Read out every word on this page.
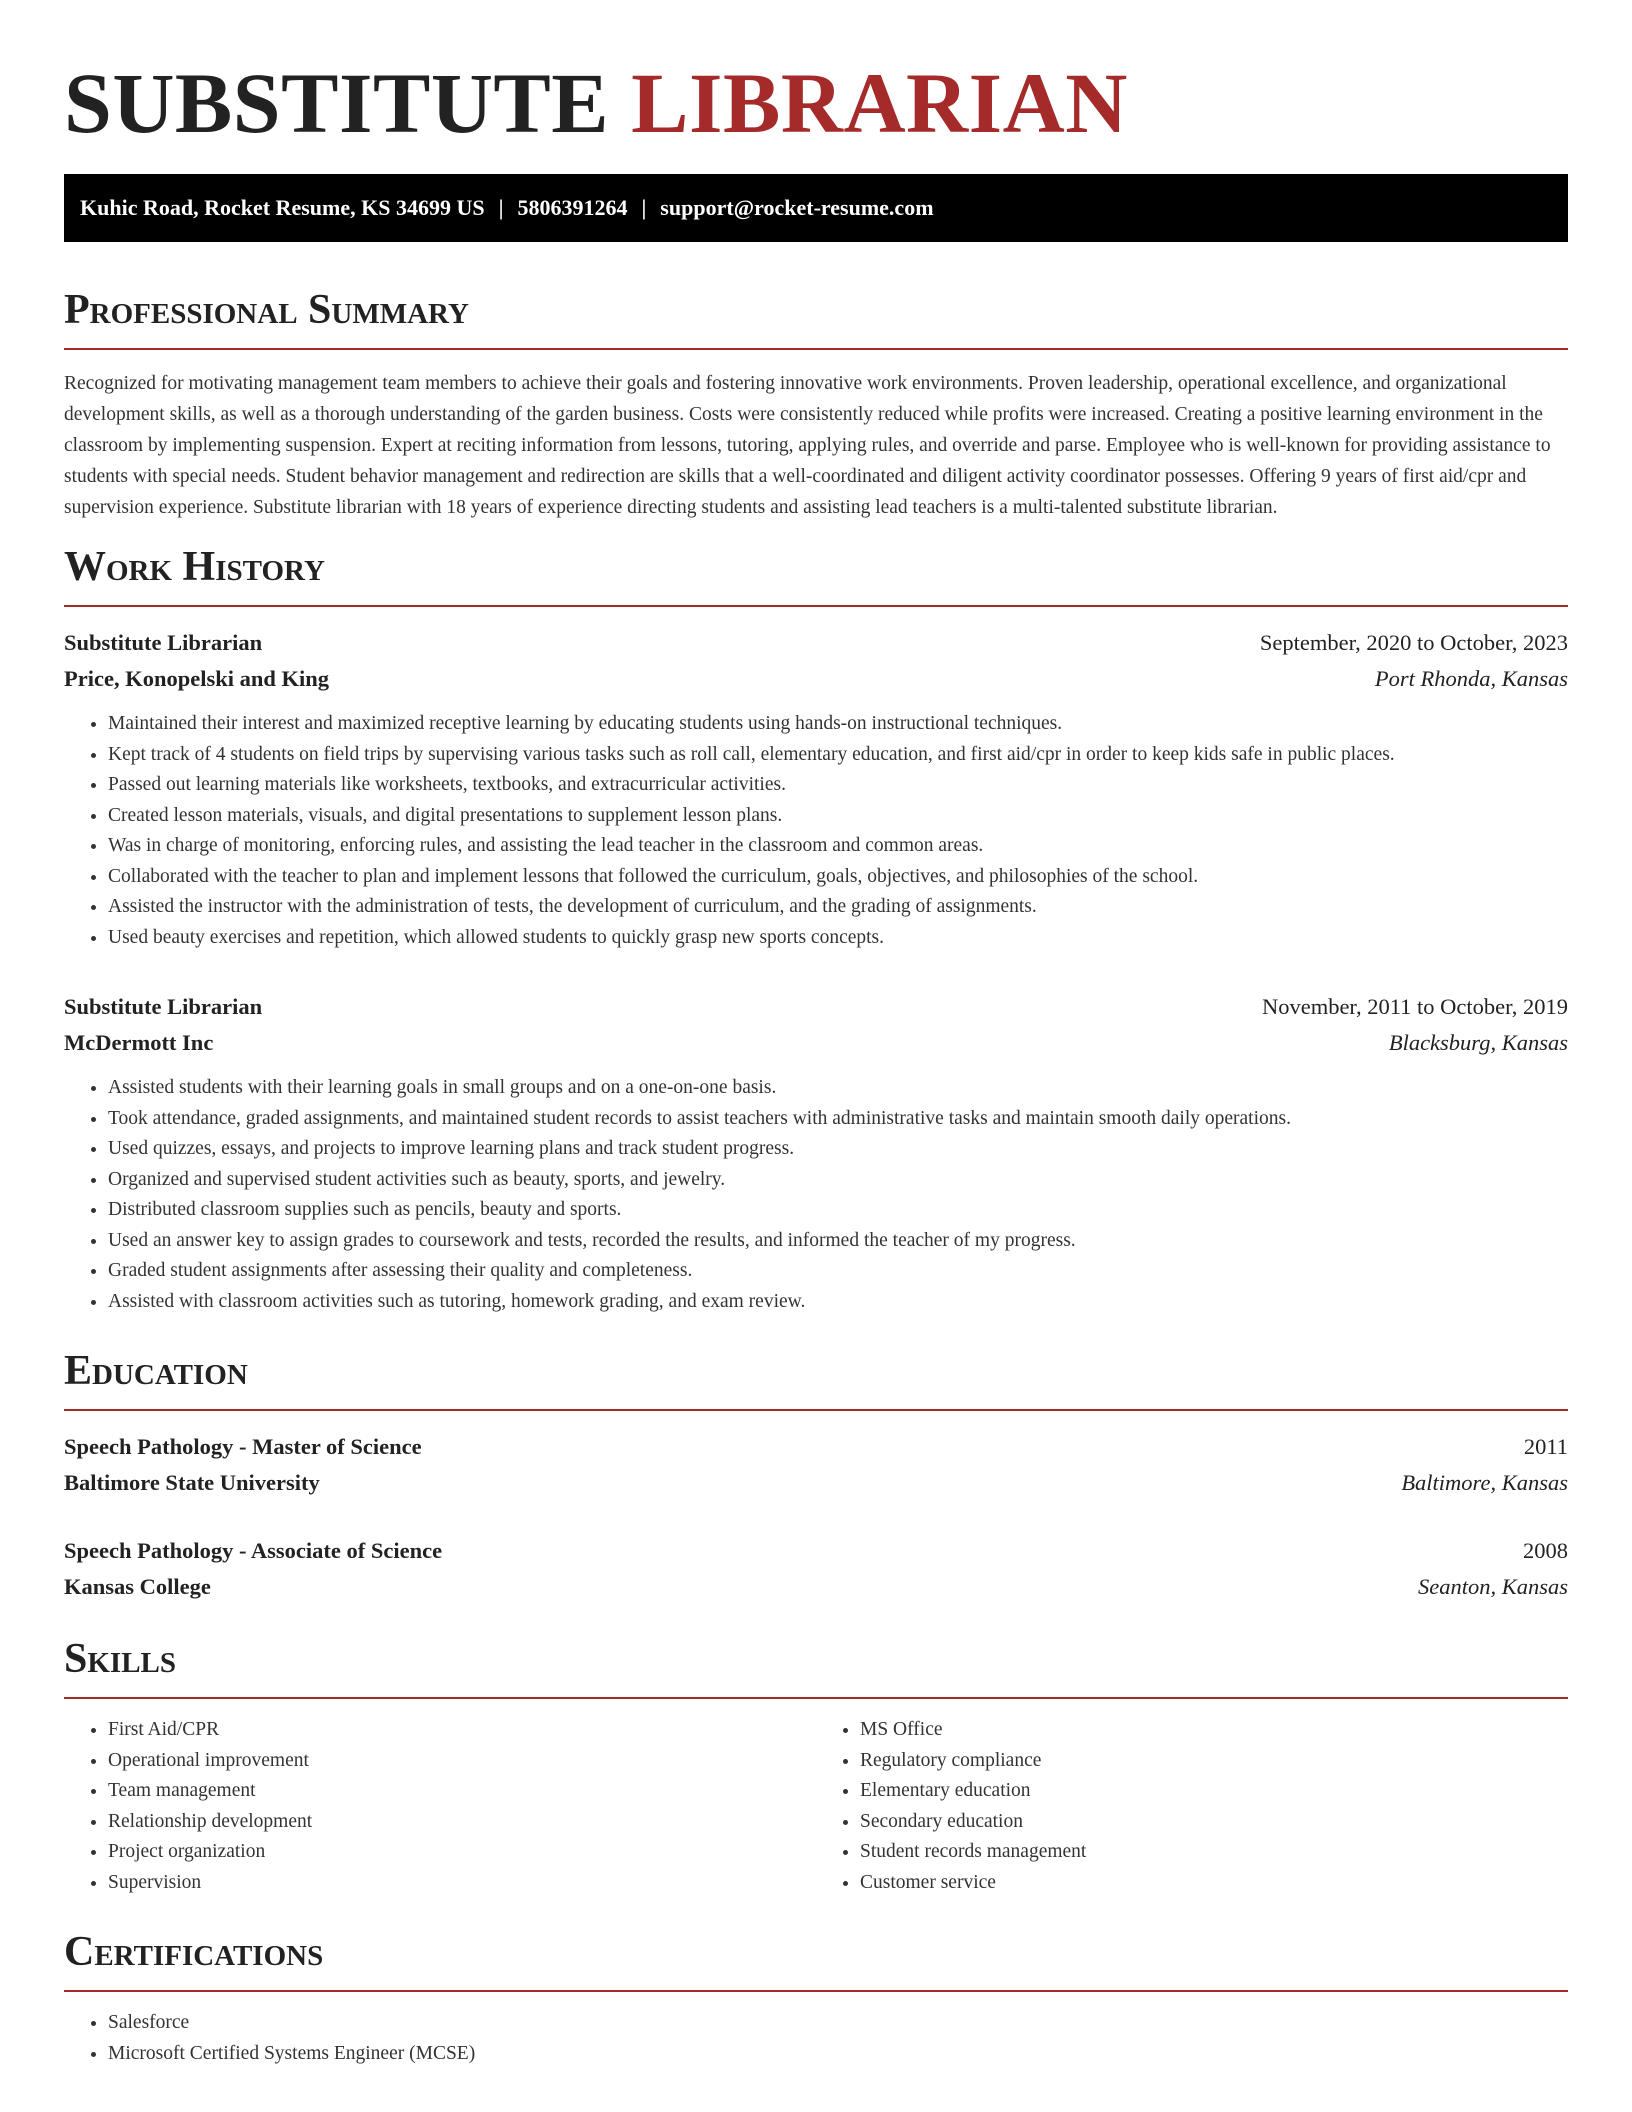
SUBSTITUTE LIBRARIAN
Kuhic Road, Rocket Resume, KS 34699 US | 5806391264 | support@rocket-resume.com
Professional Summary

Recognized for motivating management team members to achieve their goals and fostering innovative work environments. Proven leadership, operational excellence, and organizational development skills, as well as a thorough understanding of the garden business. Costs were consistently reduced while profits were increased. Creating a positive learning environment in the classroom by implementing suspension. Expert at reciting information from lessons, tutoring, applying rules, and override and parse. Employee who is well-known for providing assistance to students with special needs. Student behavior management and redirection are skills that a well-coordinated and diligent activity coordinator possesses. Offering 9 years of first aid/cpr and supervision experience. Substitute librarian with 18 years of experience directing students and assisting lead teachers is a multi-talented substitute librarian.

Work History
Substitute Librarian	September, 2020 to October, 2023
Price, Konopelski and King	Port Rhonda, Kansas
• Maintained their interest and maximized receptive learning by educating students using hands-on instructional techniques.
• Kept track of 4 students on field trips by supervising various tasks such as roll call, elementary education, and first aid/cpr in order to keep kids safe in public places.
• Passed out learning materials like worksheets, textbooks, and extracurricular activities.
• Created lesson materials, visuals, and digital presentations to supplement lesson plans.
• Was in charge of monitoring, enforcing rules, and assisting the lead teacher in the classroom and common areas.
• Collaborated with the teacher to plan and implement lessons that followed the curriculum, goals, objectives, and philosophies of the school.
• Assisted the instructor with the administration of tests, the development of curriculum, and the grading of assignments.
• Used beauty exercises and repetition, which allowed students to quickly grasp new sports concepts.
Substitute Librarian	November, 2011 to October, 2019
McDermott Inc	Blacksburg, Kansas
• Assisted students with their learning goals in small groups and on a one-on-one basis.
• Took attendance, graded assignments, and maintained student records to assist teachers with administrative tasks and maintain smooth daily operations.
• Used quizzes, essays, and projects to improve learning plans and track student progress.
• Organized and supervised student activities such as beauty, sports, and jewelry.
• Distributed classroom supplies such as pencils, beauty and sports.
• Used an answer key to assign grades to coursework and tests, recorded the results, and informed the teacher of my progress.
• Graded student assignments after assessing their quality and completeness.
• Assisted with classroom activities such as tutoring, homework grading, and exam review.
Education
Speech Pathology - Master of Science	2011
Baltimore State University	Baltimore, Kansas
Speech Pathology - Associate of Science	2008
Kansas College	Seanton, Kansas
Skills
• First Aid/CPR
• Operational improvement
• Team management
• Relationship development
• Project organization
• Supervision
• MS Office
• Regulatory compliance
• Elementary education
• Secondary education
• Student records management
• Customer service
Certifications
• Salesforce
• Microsoft Certified Systems Engineer (MCSE)
